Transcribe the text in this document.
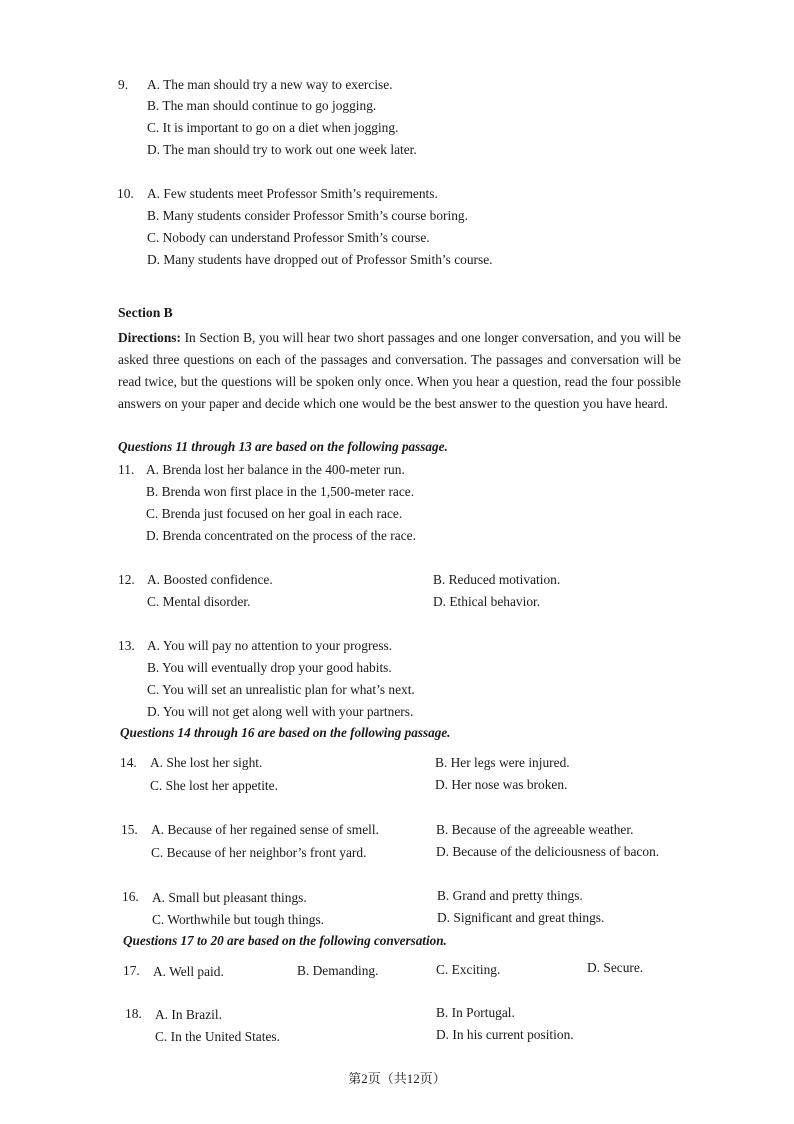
9. A. The man should try a new way to exercise.
B. The man should continue to go jogging.
C. It is important to go on a diet when jogging.
D. The man should try to work out one week later.
10. A. Few students meet Professor Smith’s requirements.
B. Many students consider Professor Smith’s course boring.
C. Nobody can understand Professor Smith’s course.
D. Many students have dropped out of Professor Smith’s course.
Section B
Directions: In Section B, you will hear two short passages and one longer conversation, and you will be asked three questions on each of the passages and conversation. The passages and conversation will be read twice, but the questions will be spoken only once. When you hear a question, read the four possible answers on your paper and decide which one would be the best answer to the question you have heard.
Questions 11 through 13 are based on the following passage.
11. A. Brenda lost her balance in the 400-meter run.
B. Brenda won first place in the 1,500-meter race.
C. Brenda just focused on her goal in each race.
D. Brenda concentrated on the process of the race.
12. A. Boosted confidence.	B. Reduced motivation.
C. Mental disorder.	D. Ethical behavior.
13. A. You will pay no attention to your progress.
B. You will eventually drop your good habits.
C. You will set an unrealistic plan for what’s next.
D. You will not get along well with your partners.
Questions 14 through 16 are based on the following passage.
14. A. She lost her sight.	B. Her legs were injured.
C. She lost her appetite.	D. Her nose was broken.
15. A. Because of her regained sense of smell.	B. Because of the agreeable weather.
C. Because of her neighbor’s front yard.	D. Because of the deliciousness of bacon.
16. A. Small but pleasant things.	B. Grand and pretty things.
C. Worthwhile but tough things.	D. Significant and great things.
Questions 17 to 20 are based on the following conversation.
17. A. Well paid.	B. Demanding.	C. Exciting.	D. Secure.
18. A. In Brazil.	B. In Portugal.
C. In the United States.	D. In his current position.
第2页（共12页）
